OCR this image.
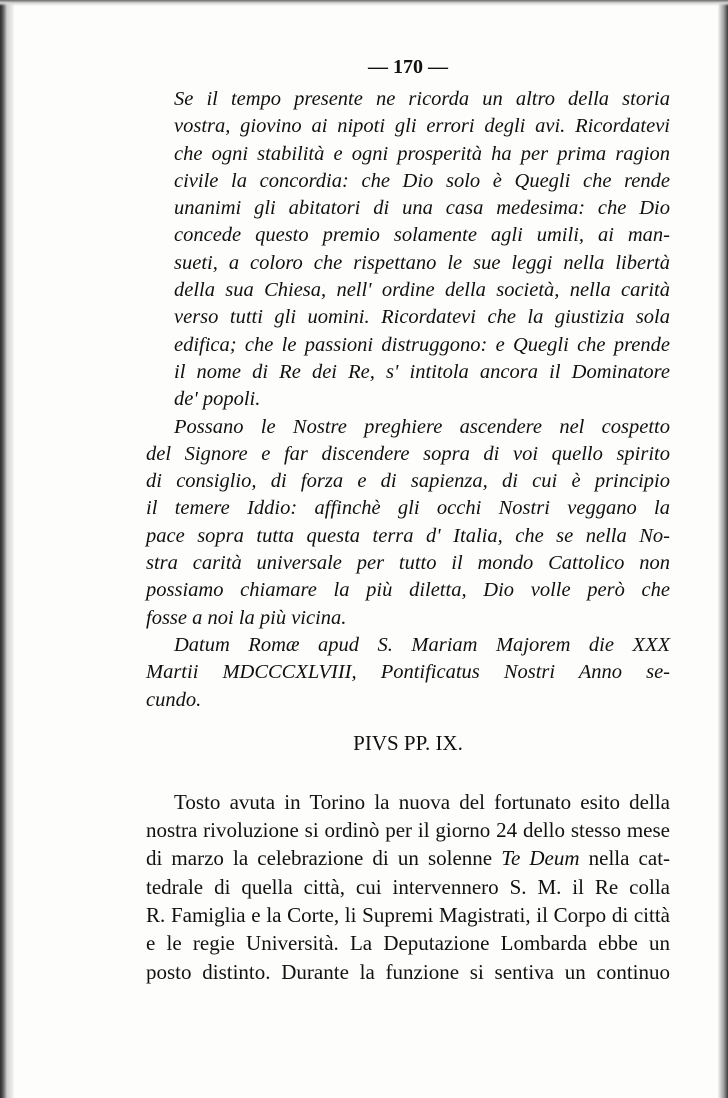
— 170 —

Se il tempo presente ne ricorda un altro della storia
vostra, giovino ai nipoti gli errori degli avi. Ricordatevi
che ogni stabilità e ogni prosperità ha per prima ragion
civile la concordia: che Dio solo è Quegli che rende
unanimi gli abitatori di una casa medesima: che Dio
concede questo premio solamente agli umili, ai man-
sueti, a coloro che rispettano le sue leggi nella libertà
della sua Chiesa, nell' ordine della società, nella carità
verso tutti gli uomini. Ricordatevi che la giustizia sola
edifica; che le passioni distruggono: e Quegli che prende
il nome di Re dei Re, s' intitola ancora il Dominatore
de' popoli.

Possano le Nostre preghiere ascendere nel cospetto
del Signore e far discendere sopra di voi quello spirito
di consiglio, di forza e di sapienza, di cui è principio
il temere Iddio: affinchè gli occhi Nostri veggano la
pace sopra tutta questa terra d' Italia, che se nella No-
stra carità universale per tutto il mondo Cattolico non
possiamo chiamare la più diletta, Dio volle però che
fosse a noi la più vicina.

Datum Romæ apud S. Mariam Majorem die XXX
Martii MDCCCXLVIII, Pontificatus Nostri Anno se-
cundo.

PIVS PP. IX.

Tosto avuta in Torino la nuova del fortunato esito della
nostra rivoluzione si ordinò per il giorno 24 dello stesso mese
di marzo la celebrazione di un solenne Te Deum nella cat-
tedrale di quella città, cui intervennero S. M. il Re colla
R. Famiglia e la Corte, li Supremi Magistrati, il Corpo di città
e le regie Università. La Deputazione Lombarda ebbe un
posto distinto. Durante la funzione si sentiva un continuo
